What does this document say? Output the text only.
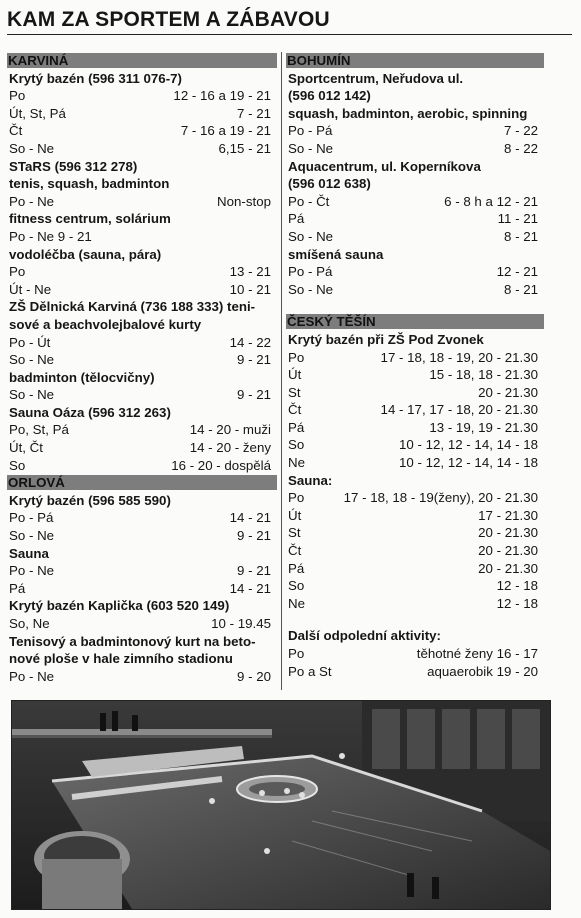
KAM ZA SPORTEM A ZÁBAVOU
KARVINÁ
Krytý bazén (596 311 076-7)
Po	12 - 16 a 19 - 21
Út, St, Pá	7 - 21
Čt	7 - 16 a 19 - 21
So - Ne	6,15 - 21
STaRS (596 312 278)
tenis, squash, badminton
Po - Ne	Non-stop
fitness centrum, solárium
Po - Ne 9 - 21
vodoléčba (sauna, pára)
Po	13 - 21
Út - Ne	10 - 21
ZŠ Dělnická Karviná (736 188 333) teni-
sové a beachvolejbalové kurty
Po - Út	14 - 22
So - Ne	9 - 21
badminton (tělocvičny)
So - Ne	9 - 21
Sauna Oáza (596 312 263)
Po, St, Pá	14 - 20 - muži
Út, Čt	14 - 20 - ženy
So	16 - 20 - dospělá
ORLOVÁ
Krytý bazén (596 585 590)
Po - Pá	14 - 21
So - Ne	9 - 21
Sauna
Po - Ne	9 - 21
Pá	14 - 21
Krytý bazén Kaplička (603 520 149)
So, Ne	10 - 19.45
Tenisový a badmintonový kurt na beto-
nové ploše v hale zimního stadionu
Po - Ne	9 - 20
BOHUMÍN
Sportcentrum, Neřudova ul.
(596 012 142)
squash, badminton, aerobic, spinning
Po - Pá	7 - 22
So - Ne	8 - 22
Aquacentrum, ul. Koperníkova
(596 012 638)
Po - Čt	6 - 8 h a 12 - 21
Pá	11 - 21
So - Ne	8 - 21
smíšená sauna
Po - Pá	12 - 21
So - Ne	8 - 21
ČESKÝ TĚŠÍN
Krytý bazén při ZŠ Pod Zvonek
Po	17 - 18, 18 - 19, 20 - 21.30
Út	15 - 18, 18 - 21.30
St	20 - 21.30
Čt	14 - 17, 17 - 18, 20 - 21.30
Pá	13 - 19, 19 - 21.30
So	10 - 12, 12 - 14, 14 - 18
Ne	10 - 12, 12 - 14, 14 - 18
Sauna:
Po	17 - 18, 18 - 19(ženy), 20 - 21.30
Út	17 - 21.30
St	20 - 21.30
Čt	20 - 21.30
Pá	20 - 21.30
So	12 - 18
Ne	12 - 18
Další odpolední aktivity:
Po	těhotné ženy 16 - 17
Po a St	aquaerobik 19 - 20
